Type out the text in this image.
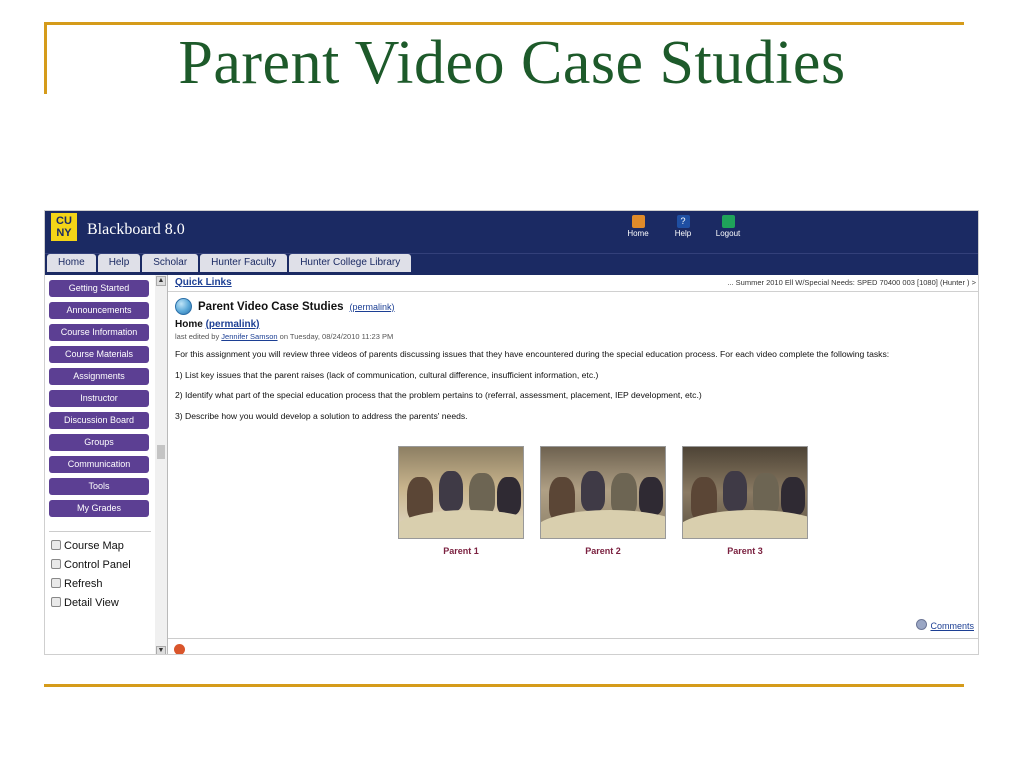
Parent Video Case Studies
CU
NY Blackboard 8.0	Home
?
Help	Logout
Home	Help	Scholar	Hunter Faculty	Hunter College Library
Getting Started
Announcements
Course Information
Course Materials
Assignments
Instructor
Discussion Board
Groups
Communication
Tools
My Grades
Course Map
Control Panel
Refresh
Detail View
▲
▼
Quick Links	... Summer 2010 Ell W/Special Needs: SPED 70400 003 [1080] (Hunter ) >
Parent Video Case Studies (permalink)
Home (permalink)
last edited by Jennifer Samson on Tuesday, 08/24/2010 11:23 PM
For this assignment you will review three videos of parents discussing issues that they have encountered during the special education process. For each video complete the following tasks:
1) List key issues that the parent raises (lack of communication, cultural difference, insufficient information, etc.)
2) Identify what part of the special education process that the problem pertains to (referral, assessment, placement, IEP development, etc.)
3) Describe how you would develop a solution to address the parents' needs.
Parent 1	Parent 2	Parent 3
Comments
